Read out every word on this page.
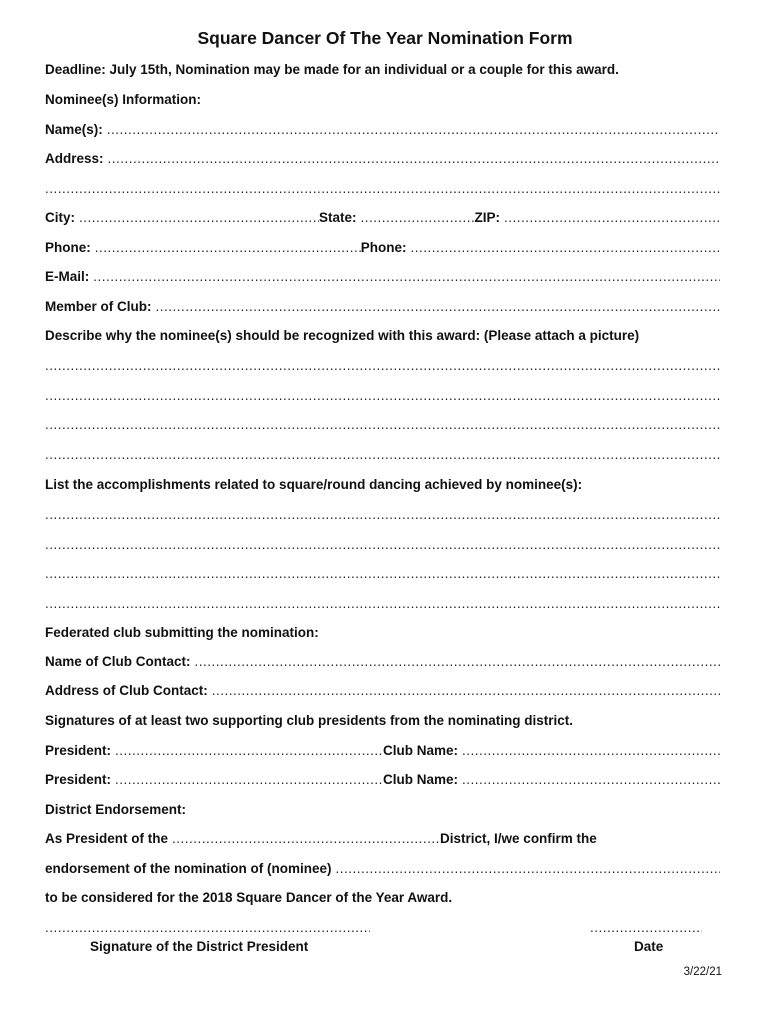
Square Dancer Of The Year Nomination Form
Deadline: July 15th, Nomination may be made for an individual or a couple for this award.
Nominee(s) Information:
Name(s):
.....
Address:
.....
.....
City: .....	State: .....	ZIP:
.....
Phone: .....	Phone:
.....
E-Mail:
.....
Member of Club:
.....
Describe why the nominee(s) should be recognized with this award: (Please attach a picture)
.....
.....
.....
.....
List the accomplishments related to square/round dancing achieved by nominee(s):
.....
.....
.....
.....
Federated club submitting the nomination:
Name of Club Contact:
.....
Address of Club Contact:
.....
Signatures of at least two supporting club presidents from the nominating district.
President: .....	Club Name:
.....
President: .....	Club Name:
.....
District Endorsement:
As President of the .....	District, I/we confirm the
endorsement of the nomination of (nominee)
.....
to be considered for the 2018 Square Dancer of the Year Award.
.....
.....
Signature of the District President	Date
3/22/21
